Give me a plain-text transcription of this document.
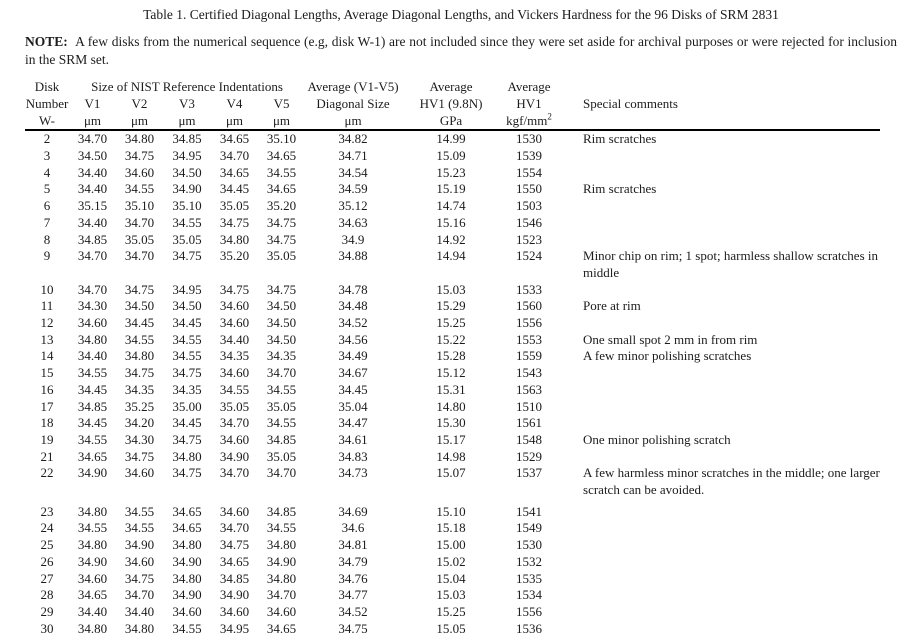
Table 1. Certified Diagonal Lengths, Average Diagonal Lengths, and Vickers Hardness for the 96 Disks of SRM 2831

NOTE: A few disks from the numerical sequence (e.g, disk W-1) are not included since they were set aside for archival purposes or were rejected for inclusion in the SRM set.

Disk	Size of NIST Reference Indentations					Average (V1-V5)	Average	Average	
Number	V1	V2	V3	V4	V5	Diagonal Size	HV1 (9.8N)	HV1	Special comments
W-	μm	μm	μm	μm	μm	μm	GPa	kgf/$mm^2$	
2	34.70	34.80	34.85	34.65	35.10	34.82	14.99	1530	Rim scratches
3	34.50	34.75	34.95	34.70	34.65	34.71	15.09	1539	
4	34.40	34.60	34.50	34.65	34.55	34.54	15.23	1554	
5	34.40	34.55	34.90	34.45	34.65	34.59	15.19	1550	Rim scratches
6	35.15	35.10	35.10	35.05	35.20	35.12	14.74	1503	
7	34.40	34.70	34.55	34.75	34.75	34.63	15.16	1546	
8	34.85	35.05	35.05	34.80	34.75	34.9	14.92	1523	
9	34.70	34.70	34.75	35.20	35.05	34.88	14.94	1524	Minor chip on rim; 1 spot; harmless shallow scratches in middle
10	34.70	34.75	34.95	34.75	34.75	34.78	15.03	1533	
11	34.30	34.50	34.50	34.60	34.50	34.48	15.29	1560	Pore at rim
12	34.60	34.45	34.45	34.60	34.50	34.52	15.25	1556	
13	34.80	34.55	34.55	34.40	34.50	34.56	15.22	1553	One small spot 2 mm in from rim
14	34.40	34.80	34.55	34.35	34.35	34.49	15.28	1559	A few minor polishing scratches
15	34.55	34.75	34.75	34.60	34.70	34.67	15.12	1543	
16	34.45	34.35	34.35	34.55	34.55	34.45	15.31	1563	
17	34.85	35.25	35.00	35.05	35.05	35.04	14.80	1510	
18	34.45	34.20	34.45	34.70	34.55	34.47	15.30	1561	
19	34.55	34.30	34.75	34.60	34.85	34.61	15.17	1548	One minor polishing scratch
21	34.65	34.75	34.80	34.90	35.05	34.83	14.98	1529	
22	34.90	34.60	34.75	34.70	34.70	34.73	15.07	1537	A few harmless minor scratches in the middle; one larger scratch can be avoided.
23	34.80	34.55	34.65	34.60	34.85	34.69	15.10	1541	
24	34.55	34.55	34.65	34.70	34.55	34.6	15.18	1549	
25	34.80	34.90	34.80	34.75	34.80	34.81	15.00	1530	
26	34.90	34.60	34.90	34.65	34.90	34.79	15.02	1532	
27	34.60	34.75	34.80	34.85	34.80	34.76	15.04	1535	
28	34.65	34.70	34.90	34.90	34.70	34.77	15.03	1534	
29	34.40	34.40	34.60	34.60	34.60	34.52	15.25	1556	
30	34.80	34.80	34.55	34.95	34.65	34.75	15.05	1536	
